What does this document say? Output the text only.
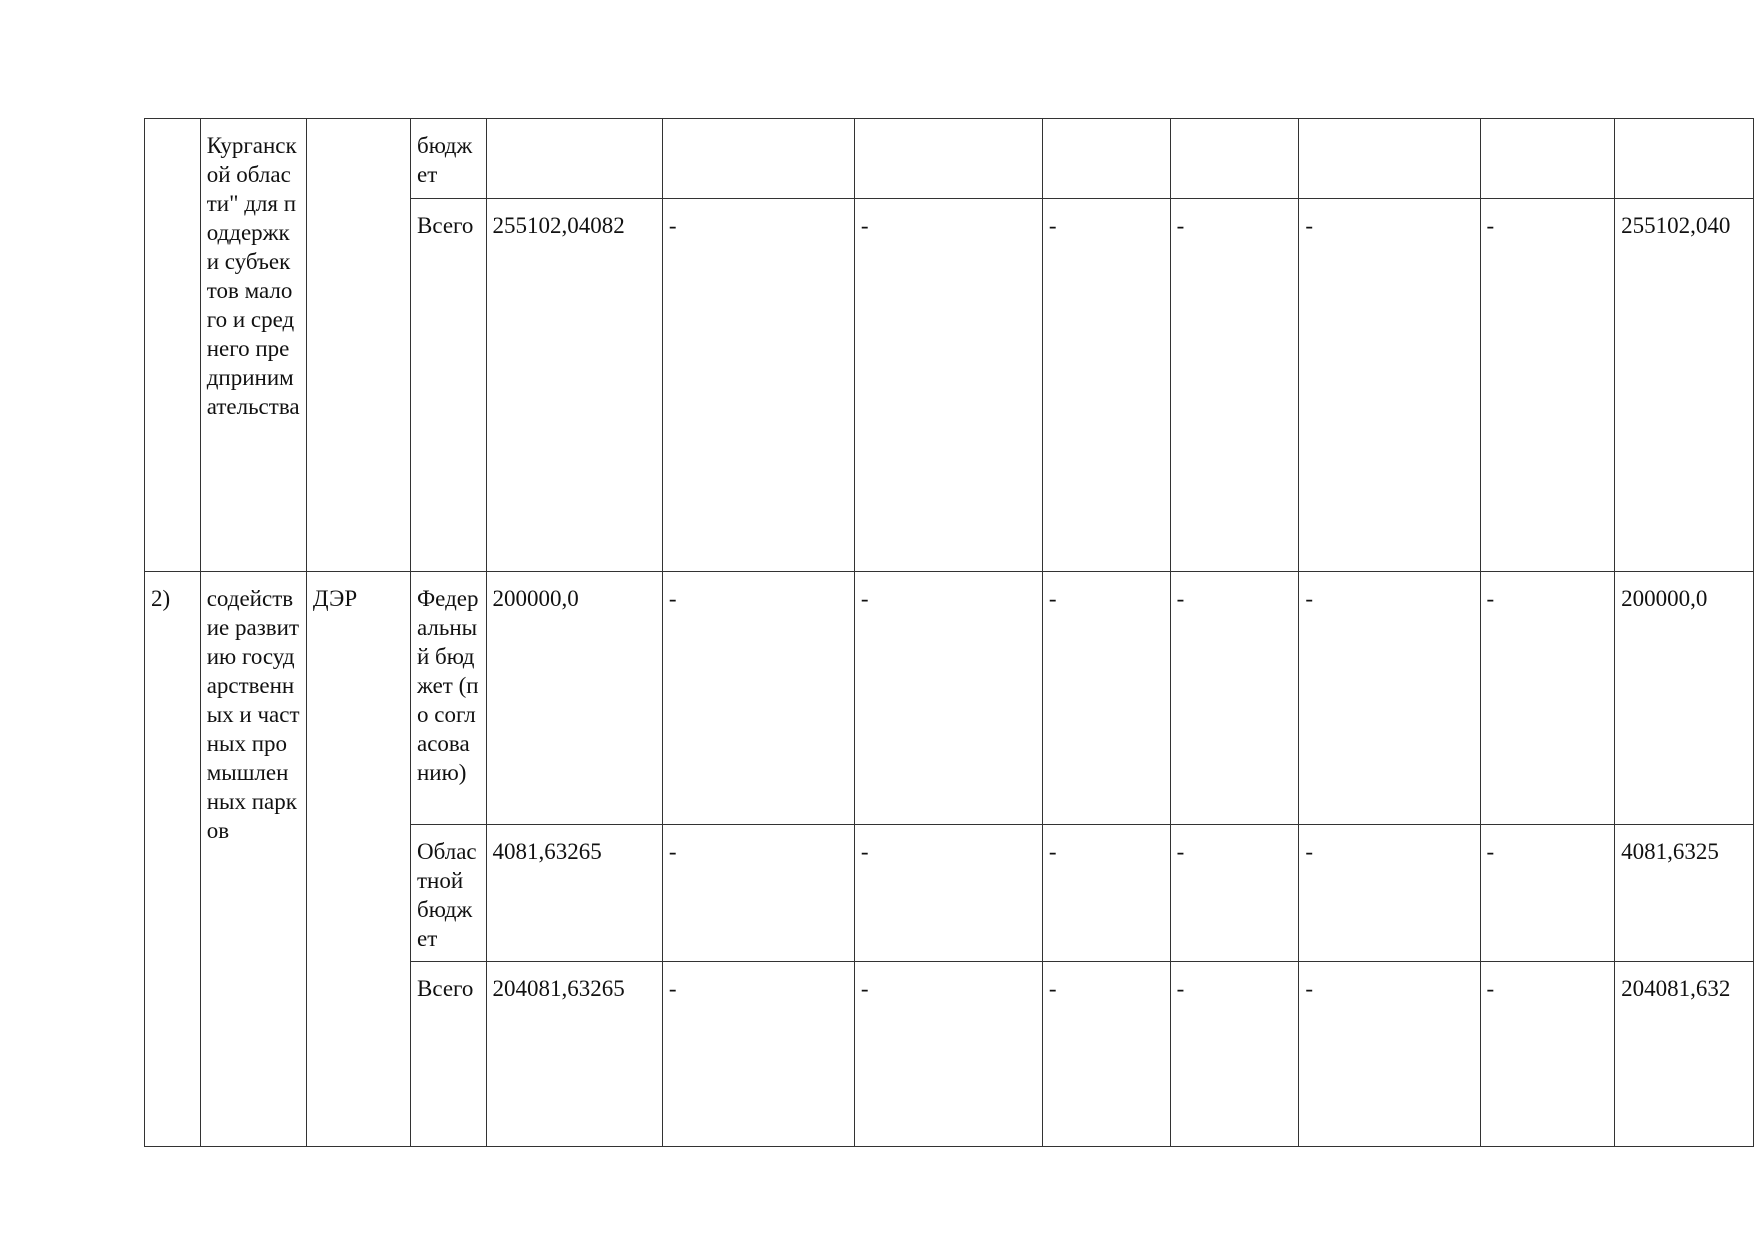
	Курганской области" для поддержки субъектов малого и среднего предпринимательства		бюджет								
			Всего	255102,04082	-	-	-	-	-	-	255102,040
2)	содействие развитию государственных и частных промышленных парков	ДЭР	Федеральный бюджет (по согласованию)	200000,0	-	-	-	-	-	-	200000,0
			Областной бюджет	4081,63265	-	-	-	-	-	-	4081,6325
			Всего	204081,63265	-	-	-	-	-	-	204081,632
